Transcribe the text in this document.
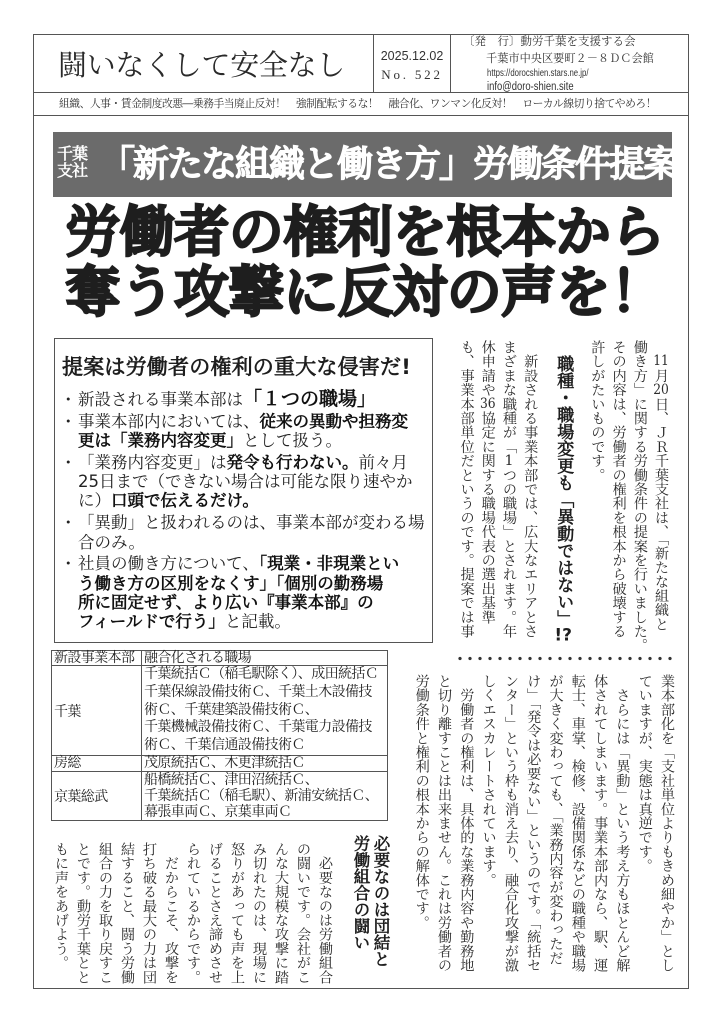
闘いなくして安全なし	2025.12.02
No. 522
〔発　行〕動労千葉を支援する会
千葉市中央区要町２－８ＤＣ会館
https://dorocshien.stars.ne.jp/
info@doro-shien.site
組織、人事・賃金制度改悪―乗務手当廃止反対！　強制配転するな！　融合化、ワンマン化反対！　ローカル線切り捨てやめろ！
千葉
支社 「新たな組織と働き方」労働条件提案
労働者の権利を根本から
奪う攻撃に反対の声を！
提案は労働者の権利の重大な侵害だ!
・ 新設される事業本部は「１つの職場」
・ 事業本部内においては、従来の異動や担務変
更は「業務内容変更」として扱う。
・ 「業務内容変更」は発令も行わない。前々月
25日まで（できない場合は可能な限り速やか
に）口頭で伝えるだけ。
・ 「異動」と扱われるのは、事業本部が変わる場
合のみ。
・ 社員の働き方について、「現業・非現業とい
う働き方の区別をなくす」「個別の勤務場
所に固定せず、より広い『事業本部』の
フィールドで行う」と記載。
新設事業本部	融合化される職場
千葉	千葉統括Ｃ（稲毛駅除く）、成田統括Ｃ
千葉保線設備技術Ｃ、千葉土木設備技
術Ｃ、千葉建築設備技術Ｃ、
千葉機械設備技術Ｃ、千葉電力設備技
術Ｃ、千葉信通設備技術Ｃ

房総	茂原統括Ｃ、木更津統括Ｃ

京葉総武	船橋統括Ｃ、津田沼統括Ｃ、
千葉統括Ｃ（稲毛駅）、新浦安統括Ｃ、
幕張車両Ｃ、京葉車両Ｃ
　11月20日、ＪＲ千葉支社は、「新たな組織と
働き方」に関する労働条件の提案を行いました。
その内容は、労働者の権利を根本から破壊する
許しがたいものです。
職種・職場変更も「異動ではない」!?
　新設される事業本部では、広大なエリアとさ
まざまな職種が「1つの職場」とされます。年
休申請や36協定に関する職場代表の選出基準
も、事業本部単位だというのです。提案では事
業本部化を「支社単位よりもきめ細やか」とし
ていますが、実態は真逆です。
　さらには「異動」という考え方もほとんど解
体されてしまいます。事業本部内なら、駅、運
転士、車掌、検修、設備関係などの職種や職場
が大きく変わっても、「業務内容が変わっただ
け」「発令は必要ない」というのです。「統括セ
ンター」という枠も消え去り、融合化攻撃が激
しくエスカレートされています。
　労働者の権利は、具体的な業務内容や勤務地
と切り離すことは出来ません。これは労働者の
労働条件と権利の根本からの解体です。
必要なのは団結と
労働組合の闘い
　必要なのは労働組合
の闘いです。会社がこ
んな大規模な攻撃に踏
み切れたのは、現場に
怒りがあっても声を上
げることさえ諦めさせ
られているからです。
　だからこそ、攻撃を
打ち破る最大の力は団
結すること、闘う労働
組合の力を取り戻すこ
とです。動労千葉とと
もに声をあげよう。
